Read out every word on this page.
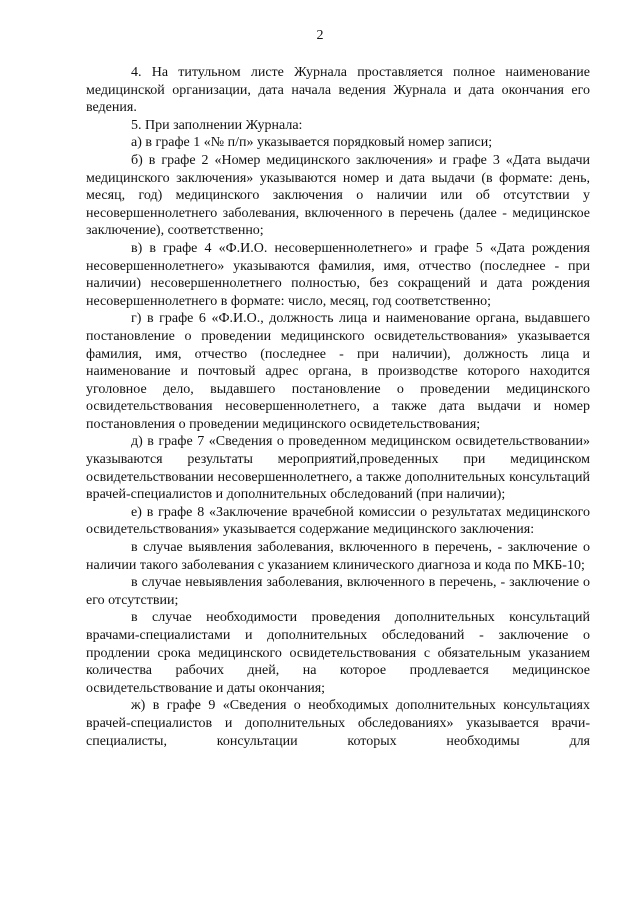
2

4. На титульном листе Журнала проставляется полное наименование медицинской организации, дата начала ведения Журнала и дата окончания его ведения.

5. При заполнении Журнала:

а) в графе 1 «№ п/п» указывается порядковый номер записи;

б) в графе 2 «Номер медицинского заключения» и графе 3 «Дата выдачи медицинского заключения» указываются номер и дата выдачи (в формате: день, месяц, год) медицинского заключения о наличии или об отсутствии у несовершеннолетнего заболевания, включенного в перечень (далее - медицинское заключение), соответственно;

в) в графе 4 «Ф.И.О. несовершеннолетнего» и графе 5 «Дата рождения несовершеннолетнего» указываются фамилия, имя, отчество (последнее - при наличии) несовершеннолетнего полностью, без сокращений и дата рождения несовершеннолетнего в формате: число, месяц, год соответственно;

г) в графе 6 «Ф.И.О., должность лица и наименование органа, выдавшего постановление о проведении медицинского освидетельствования» указывается фамилия, имя, отчество (последнее - при наличии), должность лица и наименование и почтовый адрес органа, в производстве которого находится уголовное дело, выдавшего постановление о проведении медицинского освидетельствования несовершеннолетнего, а также дата выдачи и номер постановления о проведении медицинского освидетельствования;

д) в графе 7 «Сведения о проведенном медицинском освидетельствовании» указываются результаты мероприятий,проведенных при медицинском освидетельствовании несовершеннолетнего, а также дополнительных консультаций врачей-специалистов и дополнительных обследований (при наличии);

е) в графе 8 «Заключение врачебной комиссии о результатах медицинского освидетельствования» указывается содержание медицинского заключения:

в случае выявления заболевания, включенного в перечень, - заключение о наличии такого заболевания с указанием клинического диагноза и кода по МКБ-10;

в случае невыявления заболевания, включенного в перечень, - заключение о его отсутствии;

в случае необходимости проведения дополнительных консультаций врачами-специалистами и дополнительных обследований - заключение о продлении срока медицинского освидетельствования с обязательным указанием количества рабочих дней, на которое продлевается медицинское освидетельствование и даты окончания;

ж) в графе 9 «Сведения о необходимых дополнительных консультациях врачей-специалистов и дополнительных обследованиях» указывается врачи-специалисты, консультации которых необходимы для
